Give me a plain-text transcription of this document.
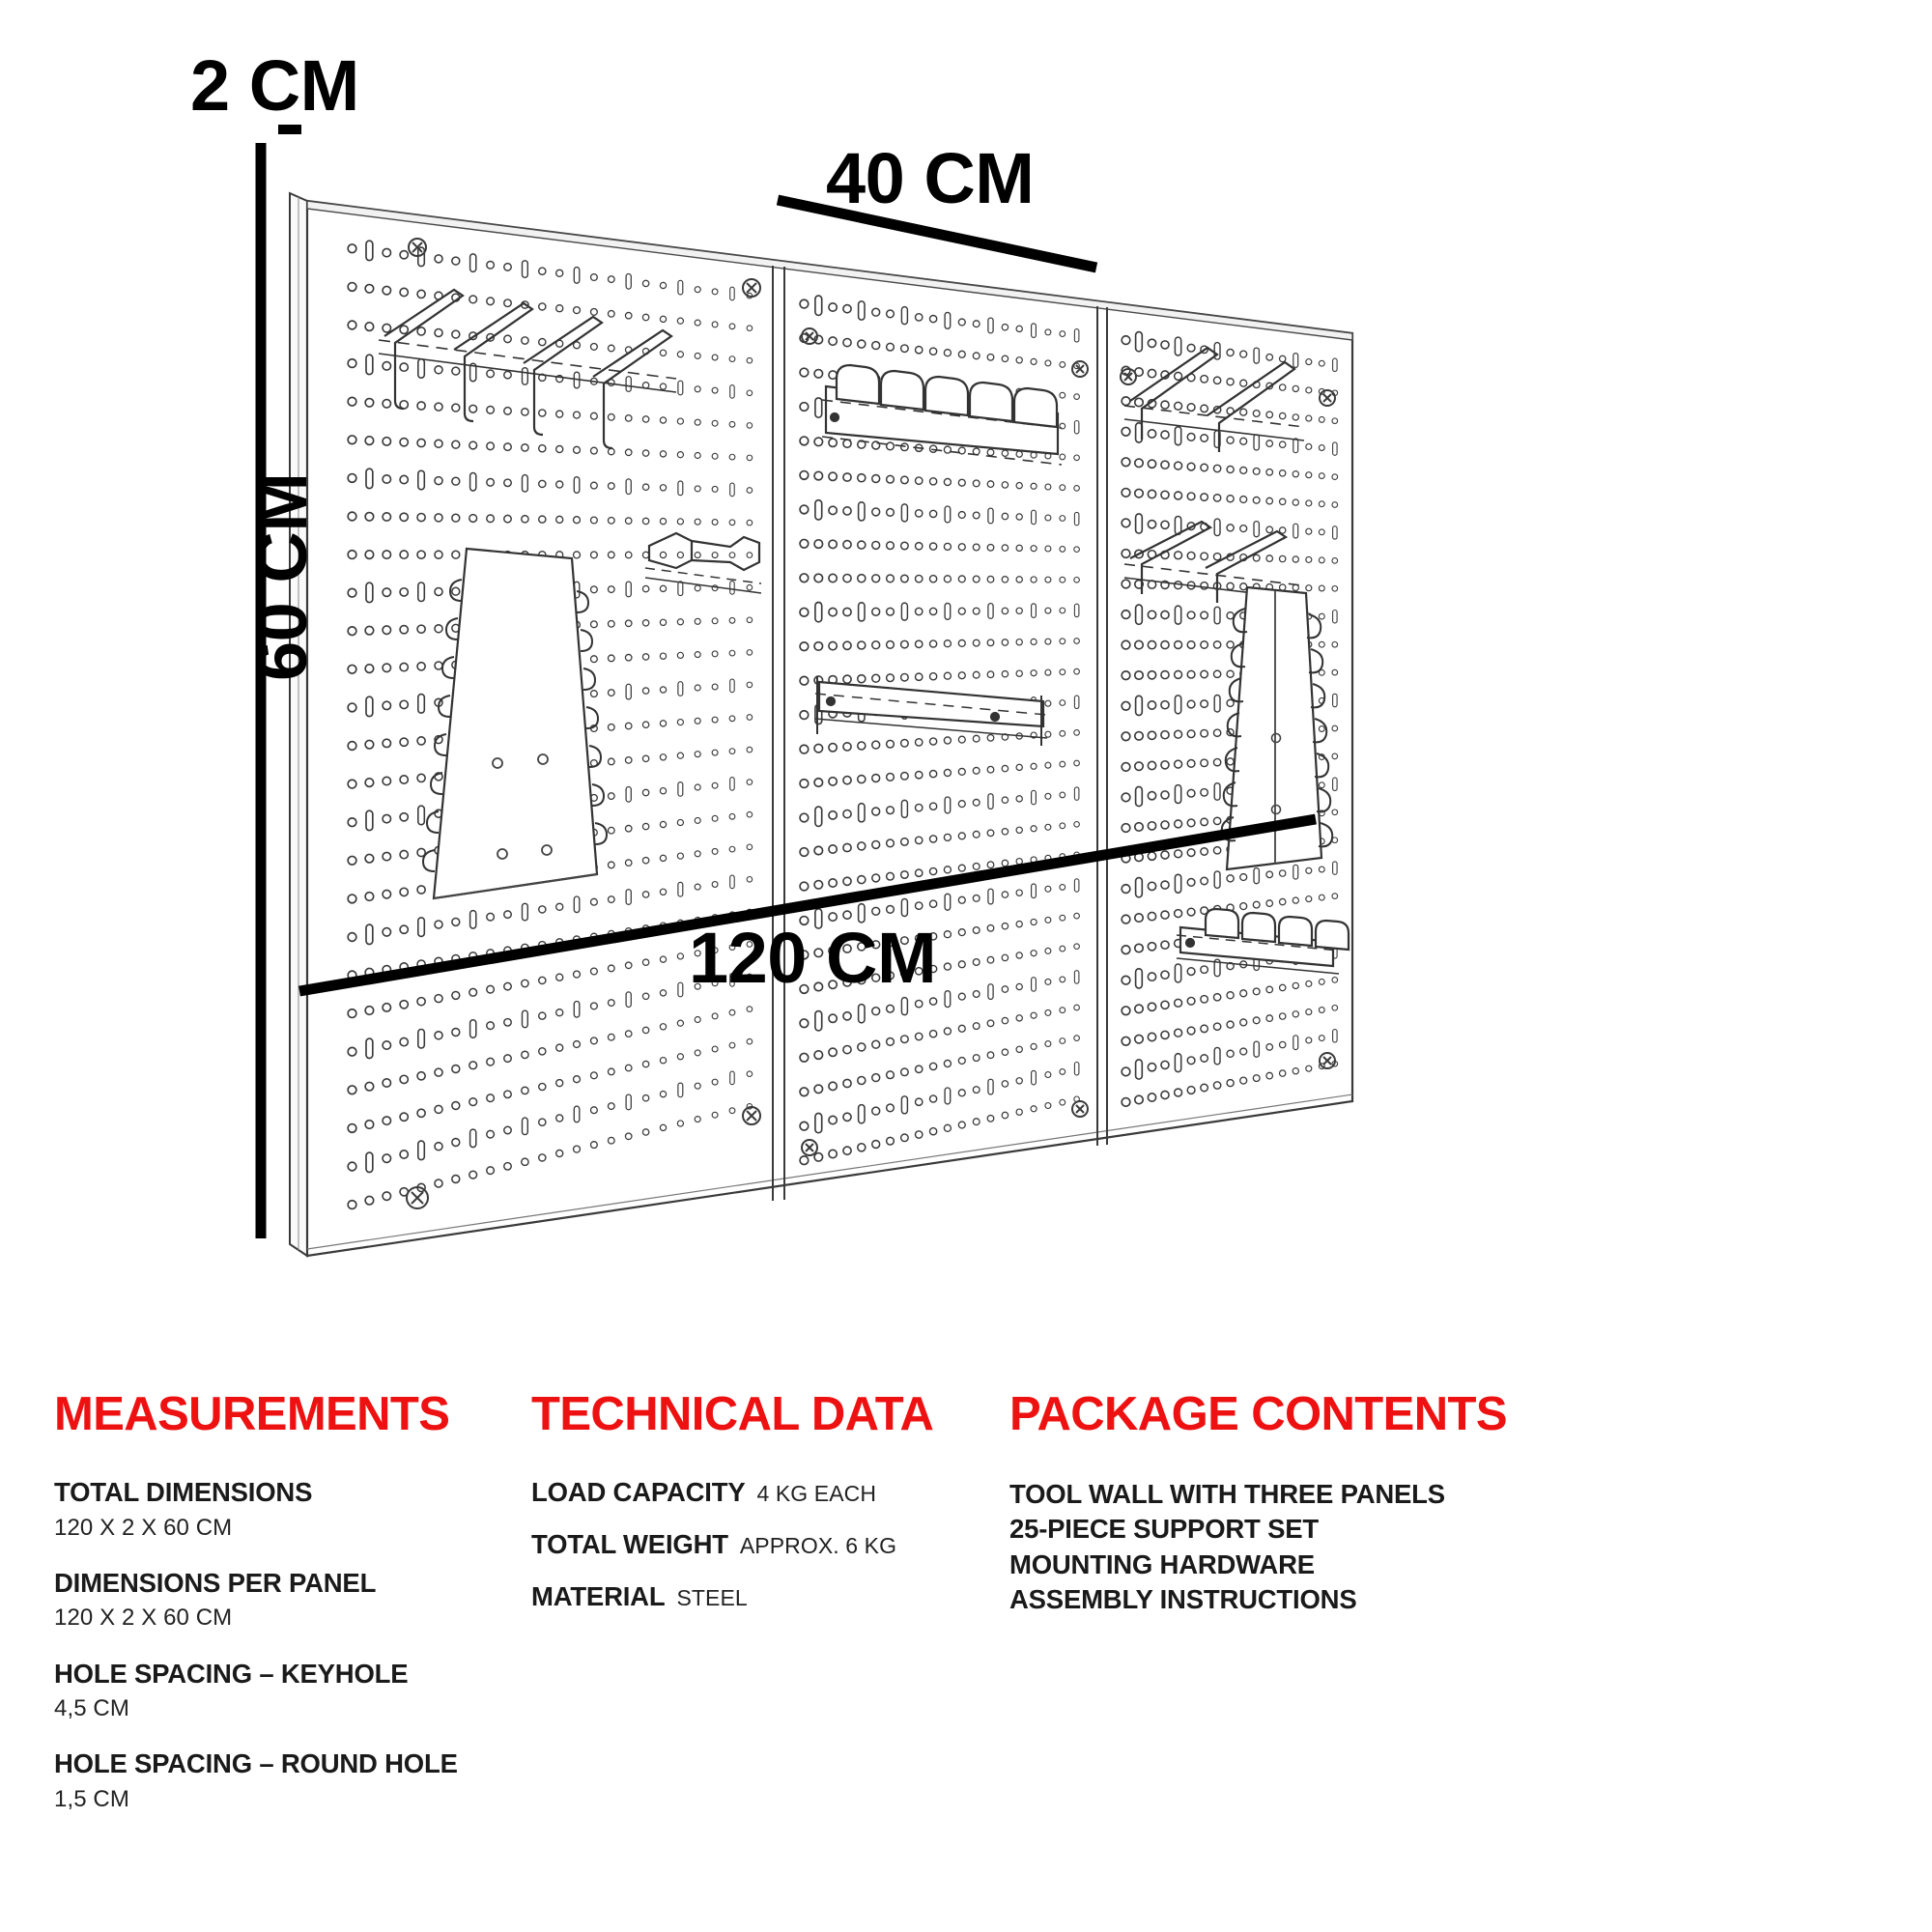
2 CM
40 CM
60 CM
120 CM
MEASUREMENTS
TOTAL DIMENSIONS
120 X 2 X 60 CM
DIMENSIONS PER PANEL
120 X 2 X 60 CM
HOLE SPACING – KEYHOLE
4,5 CM
HOLE SPACING – ROUND HOLE
1,5 CM
TECHNICAL DATA
LOAD CAPACITY 4 KG EACH
TOTAL WEIGHT APPROX. 6 KG
MATERIAL STEEL
PACKAGE CONTENTS
TOOL WALL WITH THREE PANELS
25-PIECE SUPPORT SET
MOUNTING HARDWARE
ASSEMBLY INSTRUCTIONS
